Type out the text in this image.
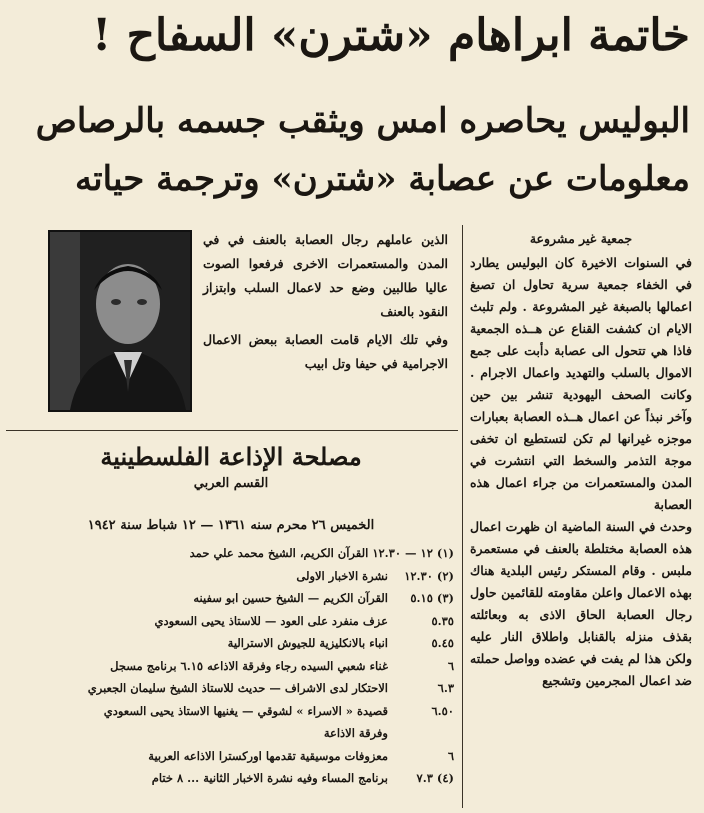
خاتمة ابراهام «شترن» السفاح !
البوليس يحاصره امس ويثقب جسمه بالرصاص
معلومات عن عصابة «شترن» وترجمة حياته

جمعية غير مشروعة

في السنوات الاخيرة كان البوليس يطارد في الخفاء جمعية سرية تحاول ان تصبغ اعمالها بالصبغة غير المشروعة . ولم تلبث الايام ان كشفت القناع عن هــذه الجمعية فاذا هي تتحول الى عصابة دأبت على جمع الاموال بالسلب والتهديد واعمال الاجرام . وكانت الصحف اليهودية تنشر بين حين وآخر نبذاً عن اعمال هــذه العصابة بعبارات موجزه غيرانها لم تكن لتستطيع ان تخفى موجة التذمر والسخط التي انتشرت في المدن والمستعمرات من جراء اعمال هذه العصابة

وحدث في السنة الماضية ان ظهرت اعمال هذه العصابة مختلطة بالعنف في مستعمرة ملبس . وقام المستكر رئيس البلدية هناك بهذه الاعمال واعلن مقاومته للقائمين حاول رجال العصابة الحاق الاذى به وبعائلته بقذف منزله بالقنابل واطلاق النار عليه ولكن هذا لم يفت في عضده وواصل حملته ضد اعمال المجرمين وتشجيع

الذين عاملهم رجال العصابة بالعنف في في المدن والمستعمرات الاخرى فرفعوا الصوت عاليا طالبين وضع حد لاعمال السلب وابتزاز النقود بالعنف

وفي تلك الايام قامت العصابة ببعض الاعمال الاجرامية في حيفا وتل ابيب

مصلحة الإذاعة الفلسطينية
القسم العربي
الخميس ٢٦ محرم سنه ١٣٦١ — ١٢ شباط سنة ١٩٤٢
(١) ١٢ — ١٢.٣٠ القرآن الكريم، الشيخ محمد علي حمد
(٢) ١٢.٣٠ نشرة الاخبار الاولى
(٣) ٥.١٥ القرآن الكريم — الشيخ حسين ابو سفينه
٥.٣٥ عزف منفرد على العود — للاستاذ يحيى السعودي
٥.٤٥ انباء بالانكليزية للجيوش الاسترالية
٦ غناء شعبي السيده رجاء وفرقة الاذاعه ٦.١٥ برنامج مسجل
٦.٣ الاحتكار لدى الاشراف — حديث للاستاذ الشيخ سليمان الجعبري
٦.٥٠ قصيدة « الاسراء » لشوقي — يغنيها الاستاذ يحيى السعودي
وفرقة الاذاعة
٦ معزوفات موسيقية تقدمها اوركسترا الاذاعه العربية
(٤) ٧.٣ برنامج المساء وفيه نشرة الاخبار الثانية ... ٨ ختام
